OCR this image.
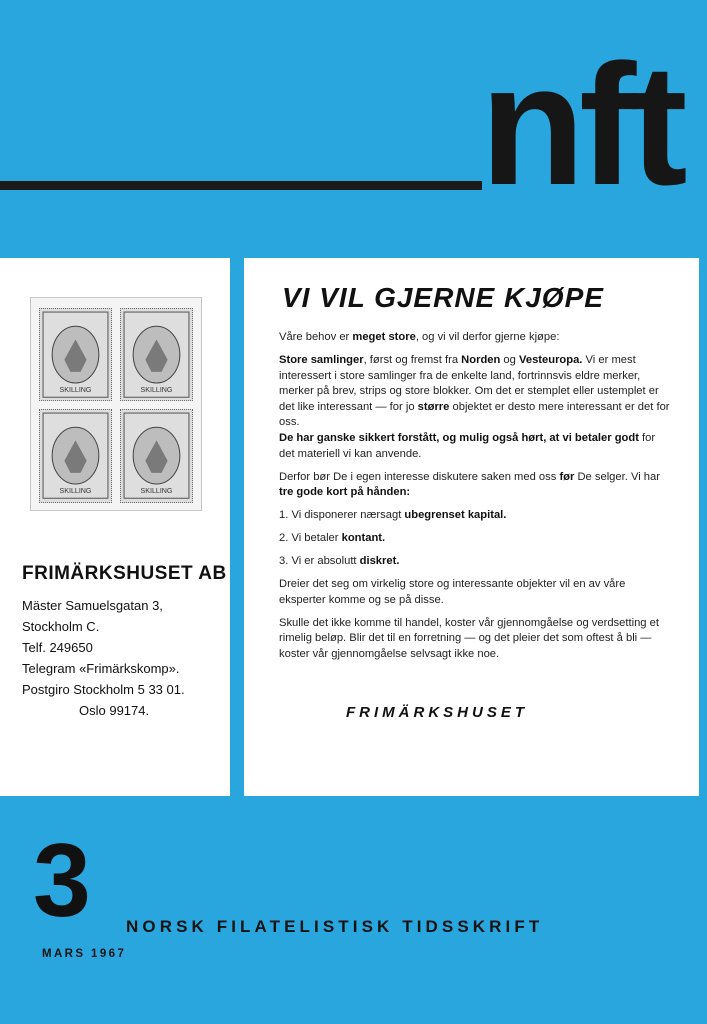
nft
SKILLING	SKILLING
SKILLING	SKILLING
FRIMÄRKSHUSET AB

Mäster Samuelsgatan 3,
Stockholm C.
Telf. 249650
Telegram «Frimärkskomp».
Postgiro Stockholm 5 33 01.
Oslo 99174.

VI VIL GJERNE KJØPE

Våre behov er meget store, og vi vil derfor gjerne kjøpe:

Store samlinger, først og fremst fra Norden og Vesteuropa. Vi er mest interessert i store samlinger fra de enkelte land, fortrinnsvis eldre merker, merker på brev, strips og store blokker. Om det er stemplet eller ustemplet er det like interessant — for jo større objektet er desto mere interessant er det for oss.

De har ganske sikkert forstått, og mulig også hørt, at vi betaler godt for det materiell vi kan anvende.

Derfor bør De i egen interesse diskutere saken med oss før De selger. Vi har tre gode kort på hånden:

1. Vi disponerer nærsagt ubegrenset kapital.

2. Vi betaler kontant.

3. Vi er absolutt diskret.

Dreier det seg om virkelig store og interessante objekter vil en av våre eksperter komme og se på disse.

Skulle det ikke komme til handel, koster vår gjennomgåelse og verdsetting et rimelig beløp. Blir det til en forretning — og det pleier det som oftest å bli — koster vår gjennomgåelse selvsagt ikke noe.

FRIMÄRKSHUSET

3 NORSK FILATELISTISK TIDSSKRIFT

MARS 1967
